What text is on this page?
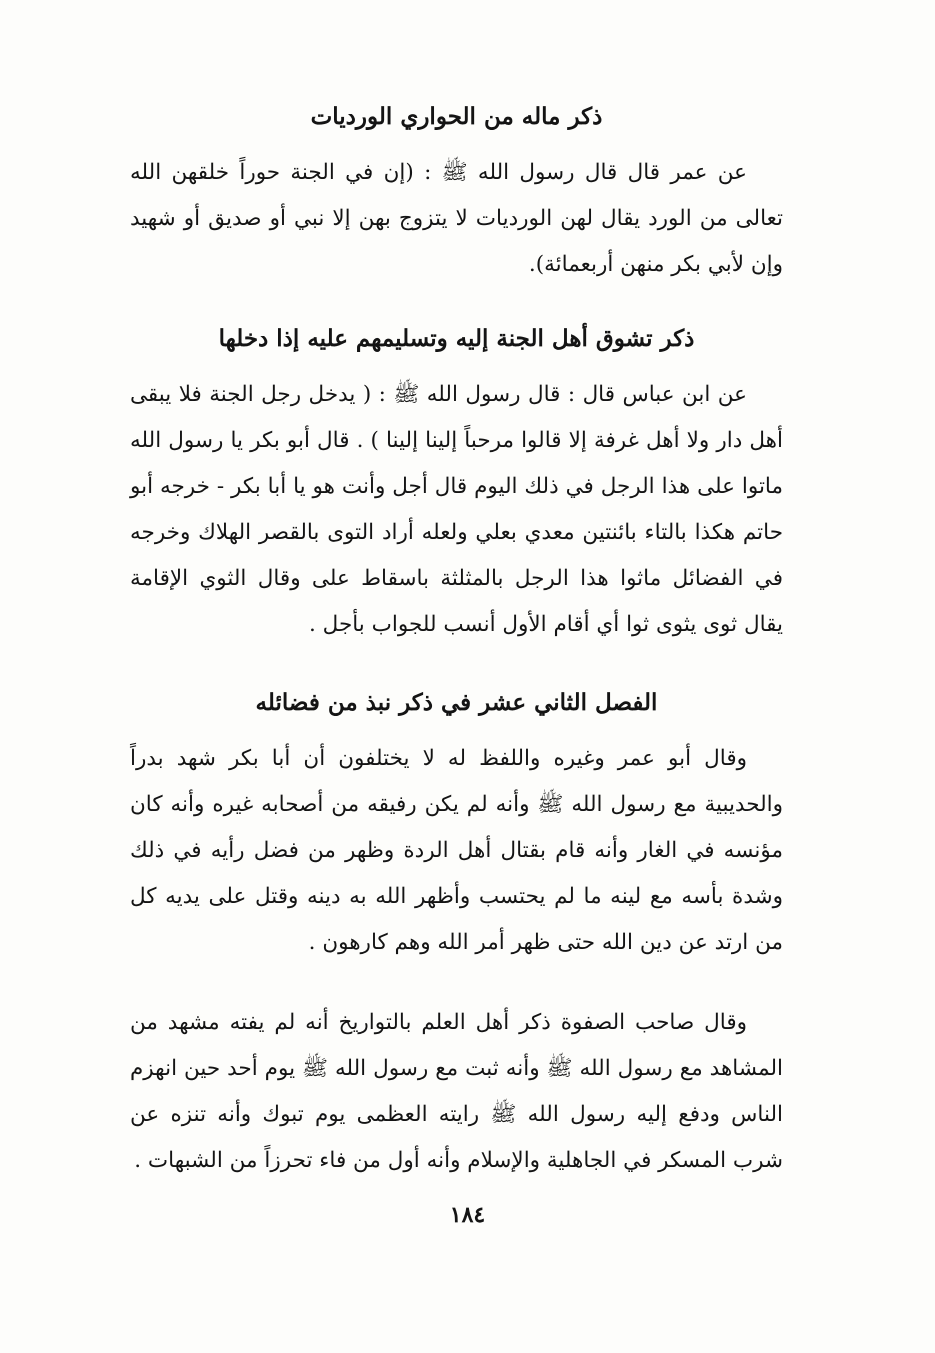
ذكر ماله من الحواري الورديات

عن عمر قال قال رسول الله ﷺ : (إن في الجنة حوراً خلقهن الله تعالى من الورد يقال لهن الورديات لا يتزوج بهن إلا نبي أو صديق أو شهيد وإن لأبي بكر منهن أربعمائة).

ذكر تشوق أهل الجنة إليه وتسليمهم عليه إذا دخلها

عن ابن عباس قال : قال رسول الله ﷺ : ( يدخل رجل الجنة فلا يبقى أهل دار ولا أهل غرفة إلا قالوا مرحباً إلينا إلينا ) . قال أبو بكر يا رسول الله ماتوا على هذا الرجل في ذلك اليوم قال أجل وأنت هو يا أبا بكر - خرجه أبو حاتم هكذا بالتاء بائنتين معدي بعلي ولعله أراد التوى بالقصر الهلاك وخرجه في الفضائل ماثوا هذا الرجل بالمثلثة باسقاط على وقال الثوي الإقامة يقال ثوى يثوى ثوا أي أقام الأول أنسب للجواب بأجل .

الفصل الثاني عشر في ذكر نبذ من فضائله

وقال أبو عمر وغيره واللفظ له لا يختلفون أن أبا بكر شهد بدراً والحديبية مع رسول الله ﷺ وأنه لم يكن رفيقه من أصحابه غيره وأنه كان مؤنسه في الغار وأنه قام بقتال أهل الردة وظهر من فضل رأيه في ذلك وشدة بأسه مع لينه ما لم يحتسب وأظهر الله به دينه وقتل على يديه كل من ارتد عن دين الله حتى ظهر أمر الله وهم كارهون .

وقال صاحب الصفوة ذكر أهل العلم بالتواريخ أنه لم يفته مشهد من المشاهد مع رسول الله ﷺ وأنه ثبت مع رسول الله ﷺ يوم أحد حين انهزم الناس ودفع إليه رسول الله ﷺ رايته العظمى يوم تبوك وأنه تنزه عن شرب المسكر في الجاهلية والإسلام وأنه أول من فاء تحرزاً من الشبهات .

١٨٤
